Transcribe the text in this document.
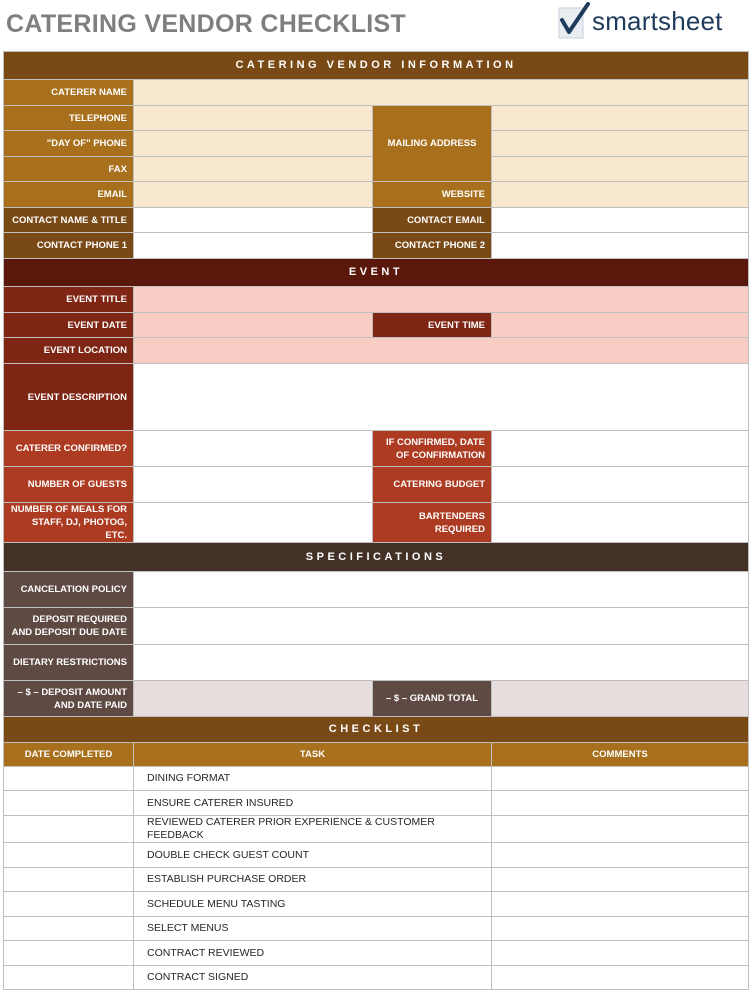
CATERING VENDOR CHECKLIST	smartsheet
CATERING VENDOR INFORMATION			
CATERER NAME			
TELEPHONE		MAILING ADDRESS	
"DAY OF" PHONE			
FAX			
EMAIL		WEBSITE	
CONTACT NAME & TITLE		CONTACT EMAIL	
CONTACT PHONE 1		CONTACT PHONE 2	
EVENT			
EVENT TITLE			
EVENT DATE		EVENT TIME	
EVENT LOCATION			
EVENT DESCRIPTION			
CATERER CONFIRMED?		IF CONFIRMED, DATE OF CONFIRMATION	
NUMBER OF GUESTS		CATERING BUDGET	
NUMBER OF MEALS FOR STAFF, DJ, PHOTOG, ETC.		BARTENDERS REQUIRED	
SPECIFICATIONS			
CANCELATION POLICY			
DEPOSIT REQUIRED AND DEPOSIT DUE DATE			
DIETARY RESTRICTIONS			
– $ – DEPOSIT AMOUNT AND DATE PAID		– $ – GRAND TOTAL	
CHECKLIST			
DATE COMPLETED	TASK		COMMENTS
	DINING FORMAT		
	ENSURE CATERER INSURED		
	REVIEWED CATERER PRIOR EXPERIENCE & CUSTOMER FEEDBACK		
	DOUBLE CHECK GUEST COUNT		
	ESTABLISH PURCHASE ORDER		
	SCHEDULE MENU TASTING		
	SELECT MENUS		
	CONTRACT REVIEWED		
	CONTRACT SIGNED		
